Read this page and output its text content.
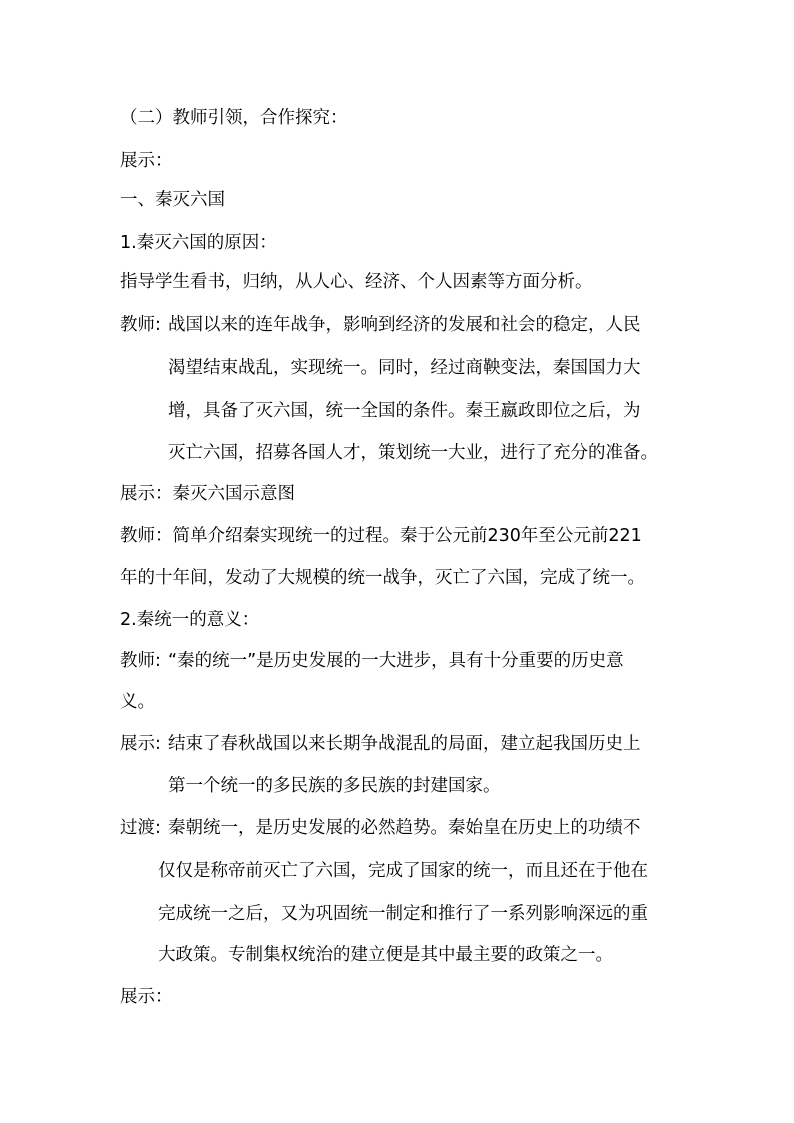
（二）教师引领，合作探究：
展示：
一、秦灭六国
1.秦灭六国的原因：
指导学生看书，归纳，从人心、经济、个人因素等方面分析。
教师: 战国以来的连年战争，影响到经济的发展和社会的稳定，人民
渴望结束战乱，实现统一。同时，经过商鞅变法，秦国国力大
增，具备了灭六国，统一全国的条件。秦王嬴政即位之后，为
灭亡六国，招募各国人才，策划统一大业，进行了充分的准备。
展示：秦灭六国示意图
教师：简单介绍秦实现统一的过程。秦于公元前230年至公元前221
年的十年间，发动了大规模的统一战争，灭亡了六国，完成了统一。
2.秦统一的意义：
教师: “秦的统一”是历史发展的一大进步，具有十分重要的历史意
义。
展示: 结束了春秋战国以来长期争战混乱的局面，建立起我国历史上
第一个统一的多民族的多民族的封建国家。
过渡: 秦朝统一，是历史发展的必然趋势。秦始皇在历史上的功绩不
仅仅是称帝前灭亡了六国，完成了国家的统一，而且还在于他在
完成统一之后，又为巩固统一制定和推行了一系列影响深远的重
大政策。专制集权统治的建立便是其中最主要的政策之一。
展示：
